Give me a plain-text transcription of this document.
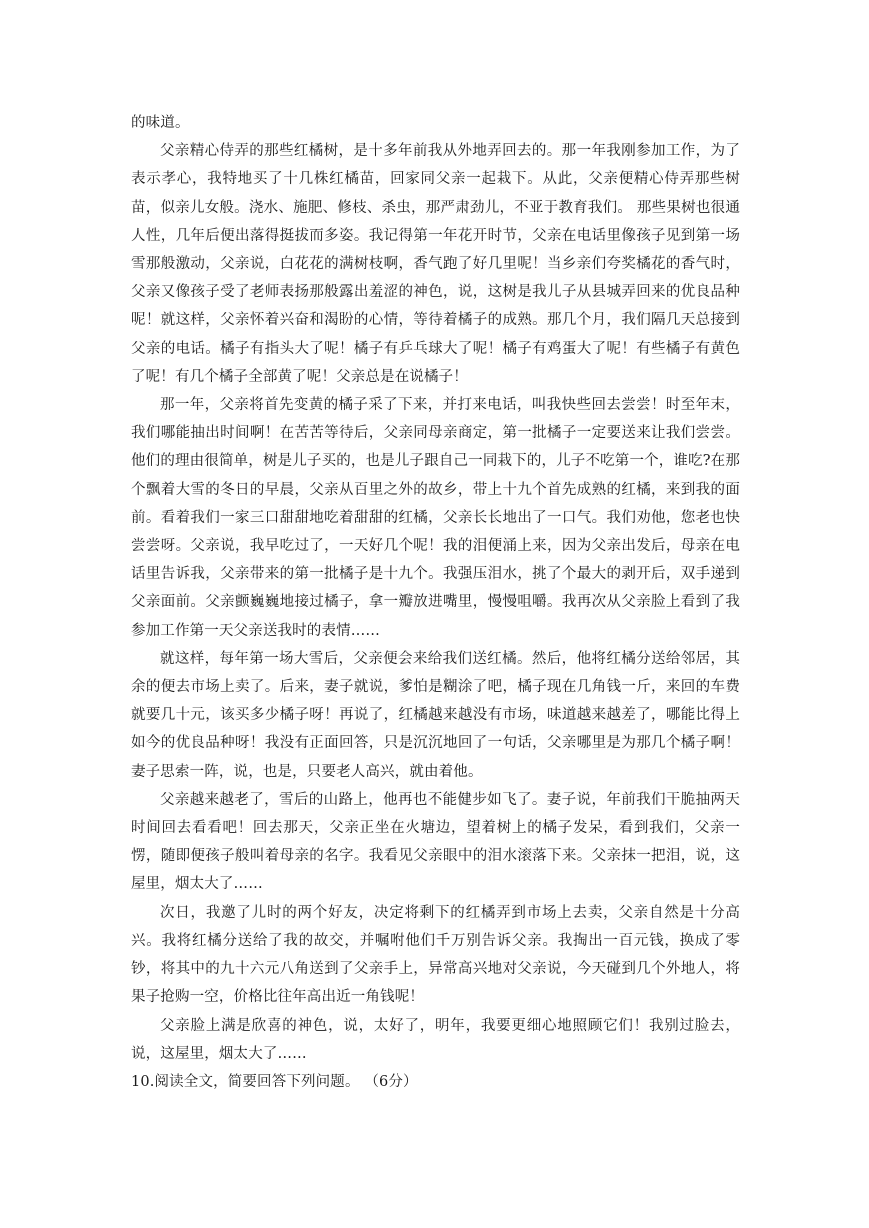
的味道。

父亲精心侍弄的那些红橘树，是十多年前我从外地弄回去的。那一年我刚参加工作，为了表示孝心，我特地买了十几株红橘苗，回家同父亲一起栽下。从此，父亲便精心侍弄那些树苗，似亲儿女般。浇水、施肥、修枝、杀虫，那严肃劲儿，不亚于教育我们。 那些果树也很通人性，几年后便出落得挺拔而多姿。我记得第一年花开时节，父亲在电话里像孩子见到第一场雪那般激动，父亲说，白花花的满树枝啊，香气跑了好几里呢！当乡亲们夸奖橘花的香气时，父亲又像孩子受了老师表扬那般露出羞涩的神色，说，这树是我儿子从县城弄回来的优良品种呢！就这样，父亲怀着兴奋和渴盼的心情，等待着橘子的成熟。那几个月，我们隔几天总接到父亲的电话。橘子有指头大了呢！橘子有乒乓球大了呢！橘子有鸡蛋大了呢！有些橘子有黄色了呢！有几个橘子全部黄了呢！父亲总是在说橘子！

那一年，父亲将首先变黄的橘子采了下来，并打来电话，叫我快些回去尝尝！时至年末，我们哪能抽出时间啊！在苦苦等待后，父亲同母亲商定，第一批橘子一定要送来让我们尝尝。他们的理由很简单，树是儿子买的，也是儿子跟自己一同栽下的，儿子不吃第一个，谁吃?在那个飘着大雪的冬日的早晨，父亲从百里之外的故乡，带上十九个首先成熟的红橘，来到我的面前。看着我们一家三口甜甜地吃着甜甜的红橘，父亲长长地出了一口气。我们劝他，您老也快尝尝呀。父亲说，我早吃过了，一天好几个呢！我的泪便涌上来，因为父亲出发后，母亲在电话里告诉我，父亲带来的第一批橘子是十九个。我强压泪水，挑了个最大的剥开后，双手递到父亲面前。父亲颤巍巍地接过橘子，拿一瓣放进嘴里，慢慢咀嚼。我再次从父亲脸上看到了我参加工作第一天父亲送我时的表情……

就这样，每年第一场大雪后，父亲便会来给我们送红橘。然后，他将红橘分送给邻居，其余的便去市场上卖了。后来，妻子就说，爹怕是糊涂了吧，橘子现在几角钱一斤，来回的车费就要几十元，该买多少橘子呀！再说了，红橘越来越没有市场，味道越来越差了，哪能比得上如今的优良品种呀！我没有正面回答，只是沉沉地回了一句话，父亲哪里是为那几个橘子啊！妻子思索一阵，说，也是，只要老人高兴，就由着他。

父亲越来越老了，雪后的山路上，他再也不能健步如飞了。妻子说，年前我们干脆抽两天时间回去看看吧！回去那天，父亲正坐在火塘边，望着树上的橘子发呆，看到我们，父亲一愣，随即便孩子般叫着母亲的名字。我看见父亲眼中的泪水滚落下来。父亲抹一把泪，说，这屋里，烟太大了……

次日，我邀了儿时的两个好友，决定将剩下的红橘弄到市场上去卖，父亲自然是十分高兴。我将红橘分送给了我的故交，并嘱咐他们千万别告诉父亲。我掏出一百元钱，换成了零钞，将其中的九十六元八角送到了父亲手上，异常高兴地对父亲说，今天碰到几个外地人，将果子抢购一空，价格比往年高出近一角钱呢！

父亲脸上满是欣喜的神色，说，太好了，明年，我要更细心地照顾它们！我别过脸去，说，这屋里，烟太大了……

10.阅读全文，简要回答下列问题。 （6分）
